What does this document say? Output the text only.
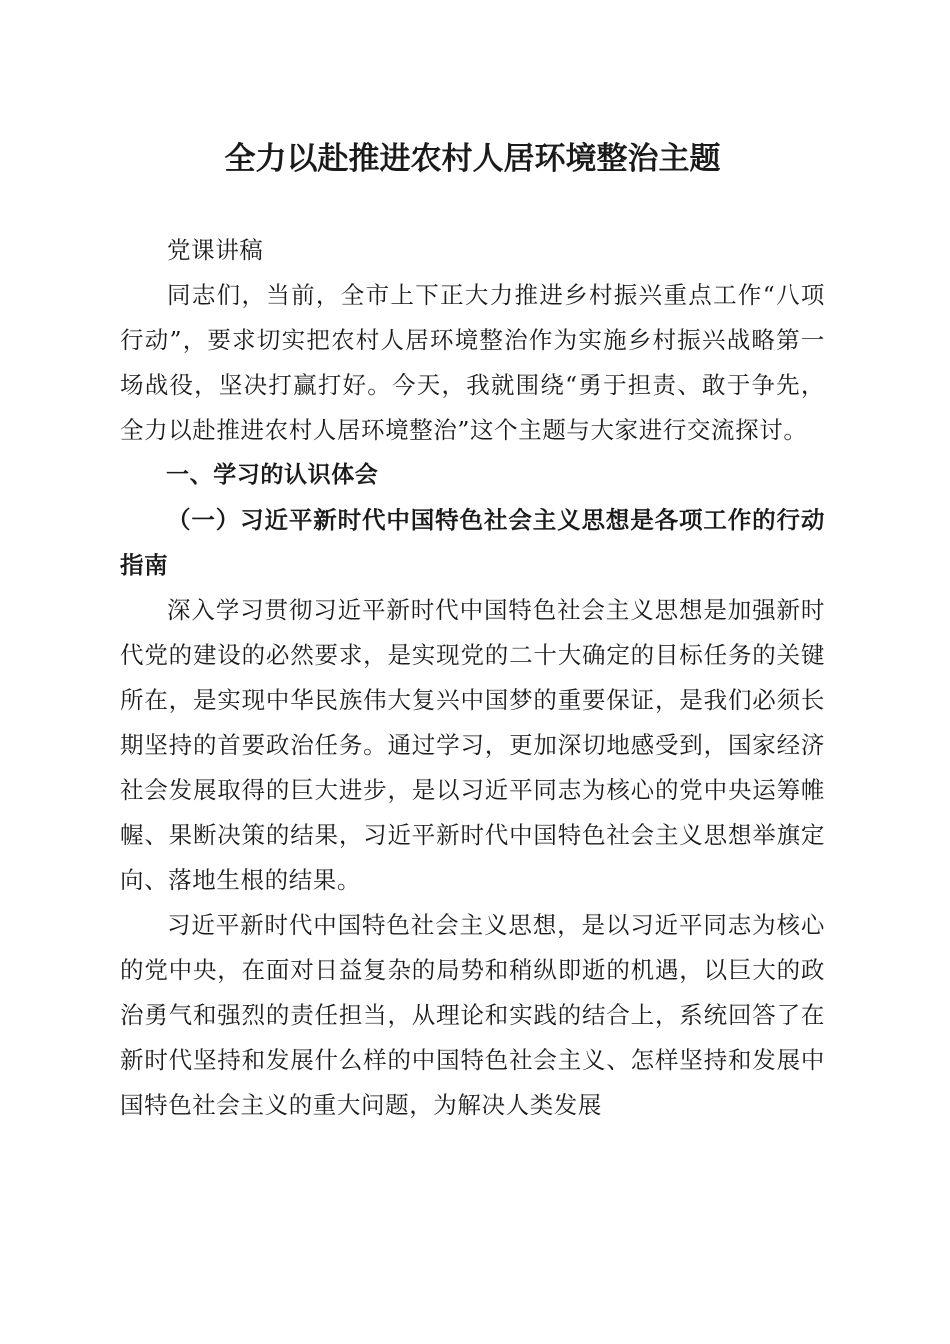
全力以赴推进农村人居环境整治主题

党课讲稿

同志们，当前，全市上下正大力推进乡村振兴重点工作“八项行动”，要求切实把农村人居环境整治作为实施乡村振兴战略第一场战役，坚决打赢打好。今天，我就围绕“勇于担责、敢于争先，全力以赴推进农村人居环境整治”这个主题与大家进行交流探讨。

一、学习的认识体会

（一）习近平新时代中国特色社会主义思想是各项工作的行动指南

深入学习贯彻习近平新时代中国特色社会主义思想是加强新时代党的建设的必然要求，是实现党的二十大确定的目标任务的关键所在，是实现中华民族伟大复兴中国梦的重要保证，是我们必须长期坚持的首要政治任务。通过学习，更加深切地感受到，国家经济社会发展取得的巨大进步，是以习近平同志为核心的党中央运筹帷幄、果断决策的结果，习近平新时代中国特色社会主义思想举旗定向、落地生根的结果。

习近平新时代中国特色社会主义思想，是以习近平同志为核心的党中央，在面对日益复杂的局势和稍纵即逝的机遇，以巨大的政治勇气和强烈的责任担当，从理论和实践的结合上，系统回答了在新时代坚持和发展什么样的中国特色社会主义、怎样坚持和发展中国特色社会主义的重大问题，为解决人类发展
